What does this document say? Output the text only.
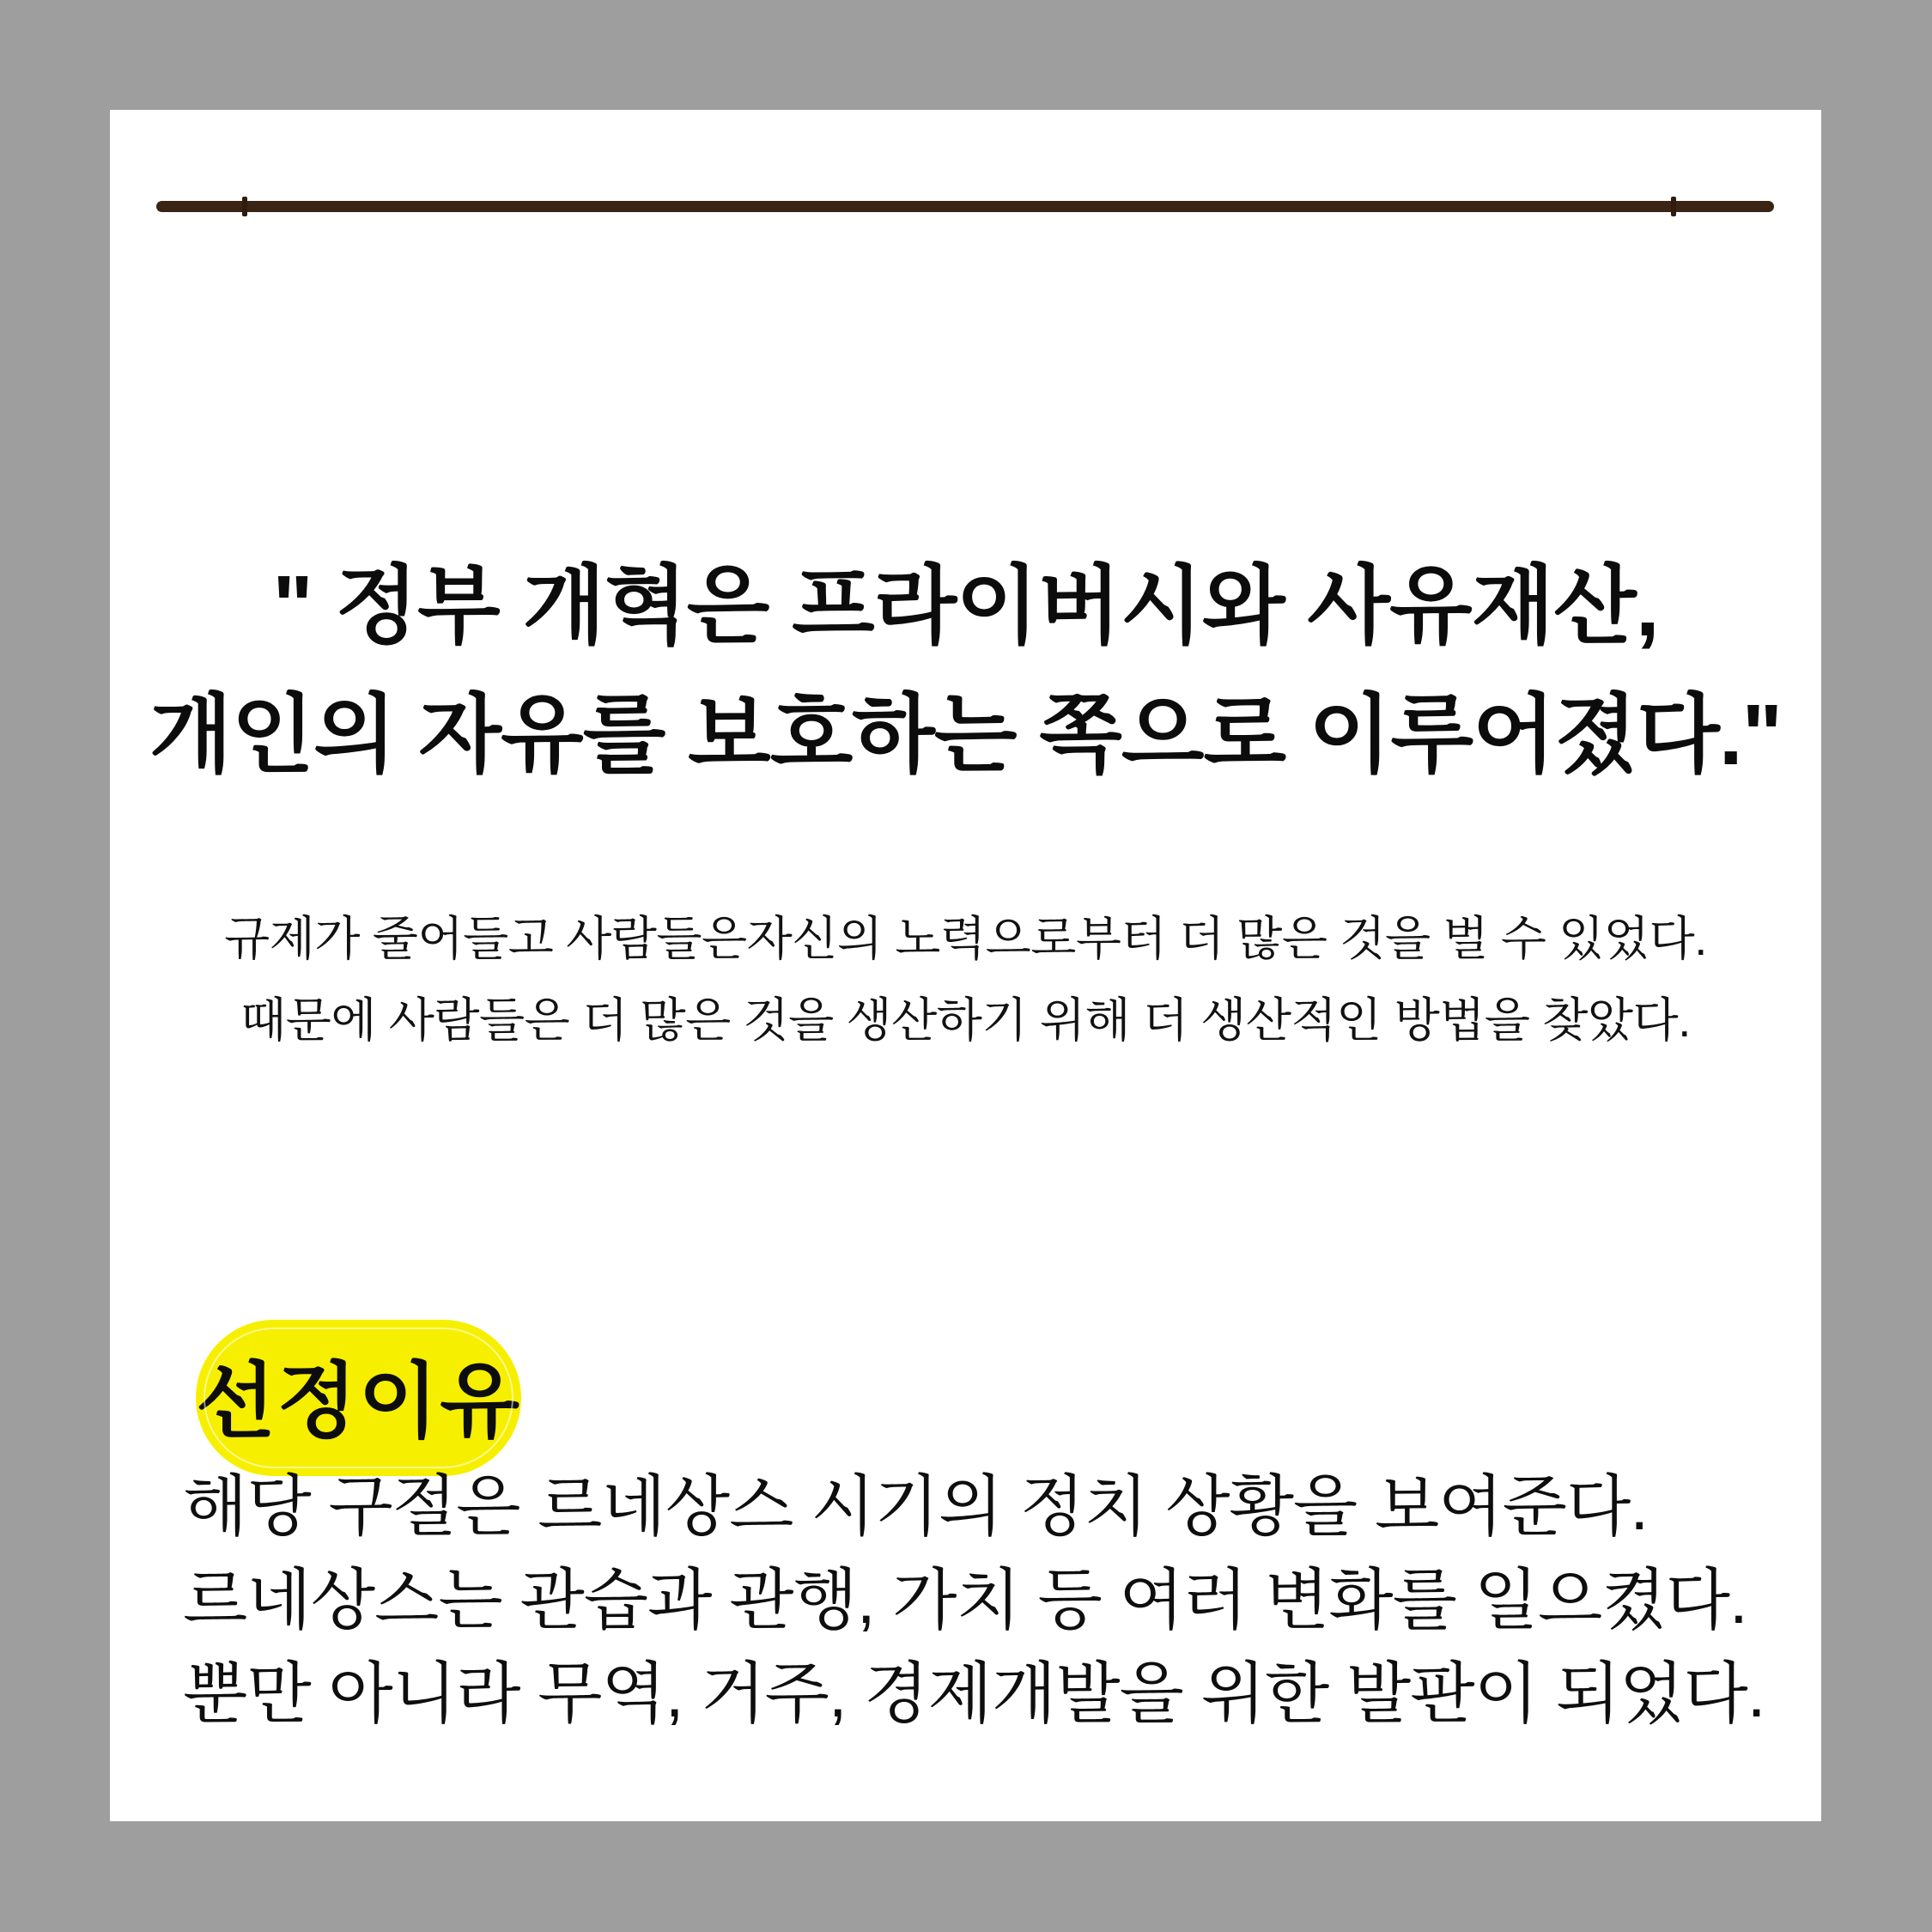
" 정부 개혁은 프라이버시와 사유재산,
개인의 자유를 보호하는 쪽으로 이루어졌다."
규제가 줄어들고 사람들은자신의 노력으로부터 더 많은 것을 벌 수 있었다.
때문에 사람들은 더 많은 것을 생산하기 위해 더 생산적인 방법을 찾았다.
선정이유
해당 구절은 르네상스 시기의 정치 상황을 보여준다.
르네상스는 관습과 관행, 가치 등 여러 변화를 일으켰다.
뿐만 아니라 무역, 거주, 경제개발을 위한 발판이 되었다.
